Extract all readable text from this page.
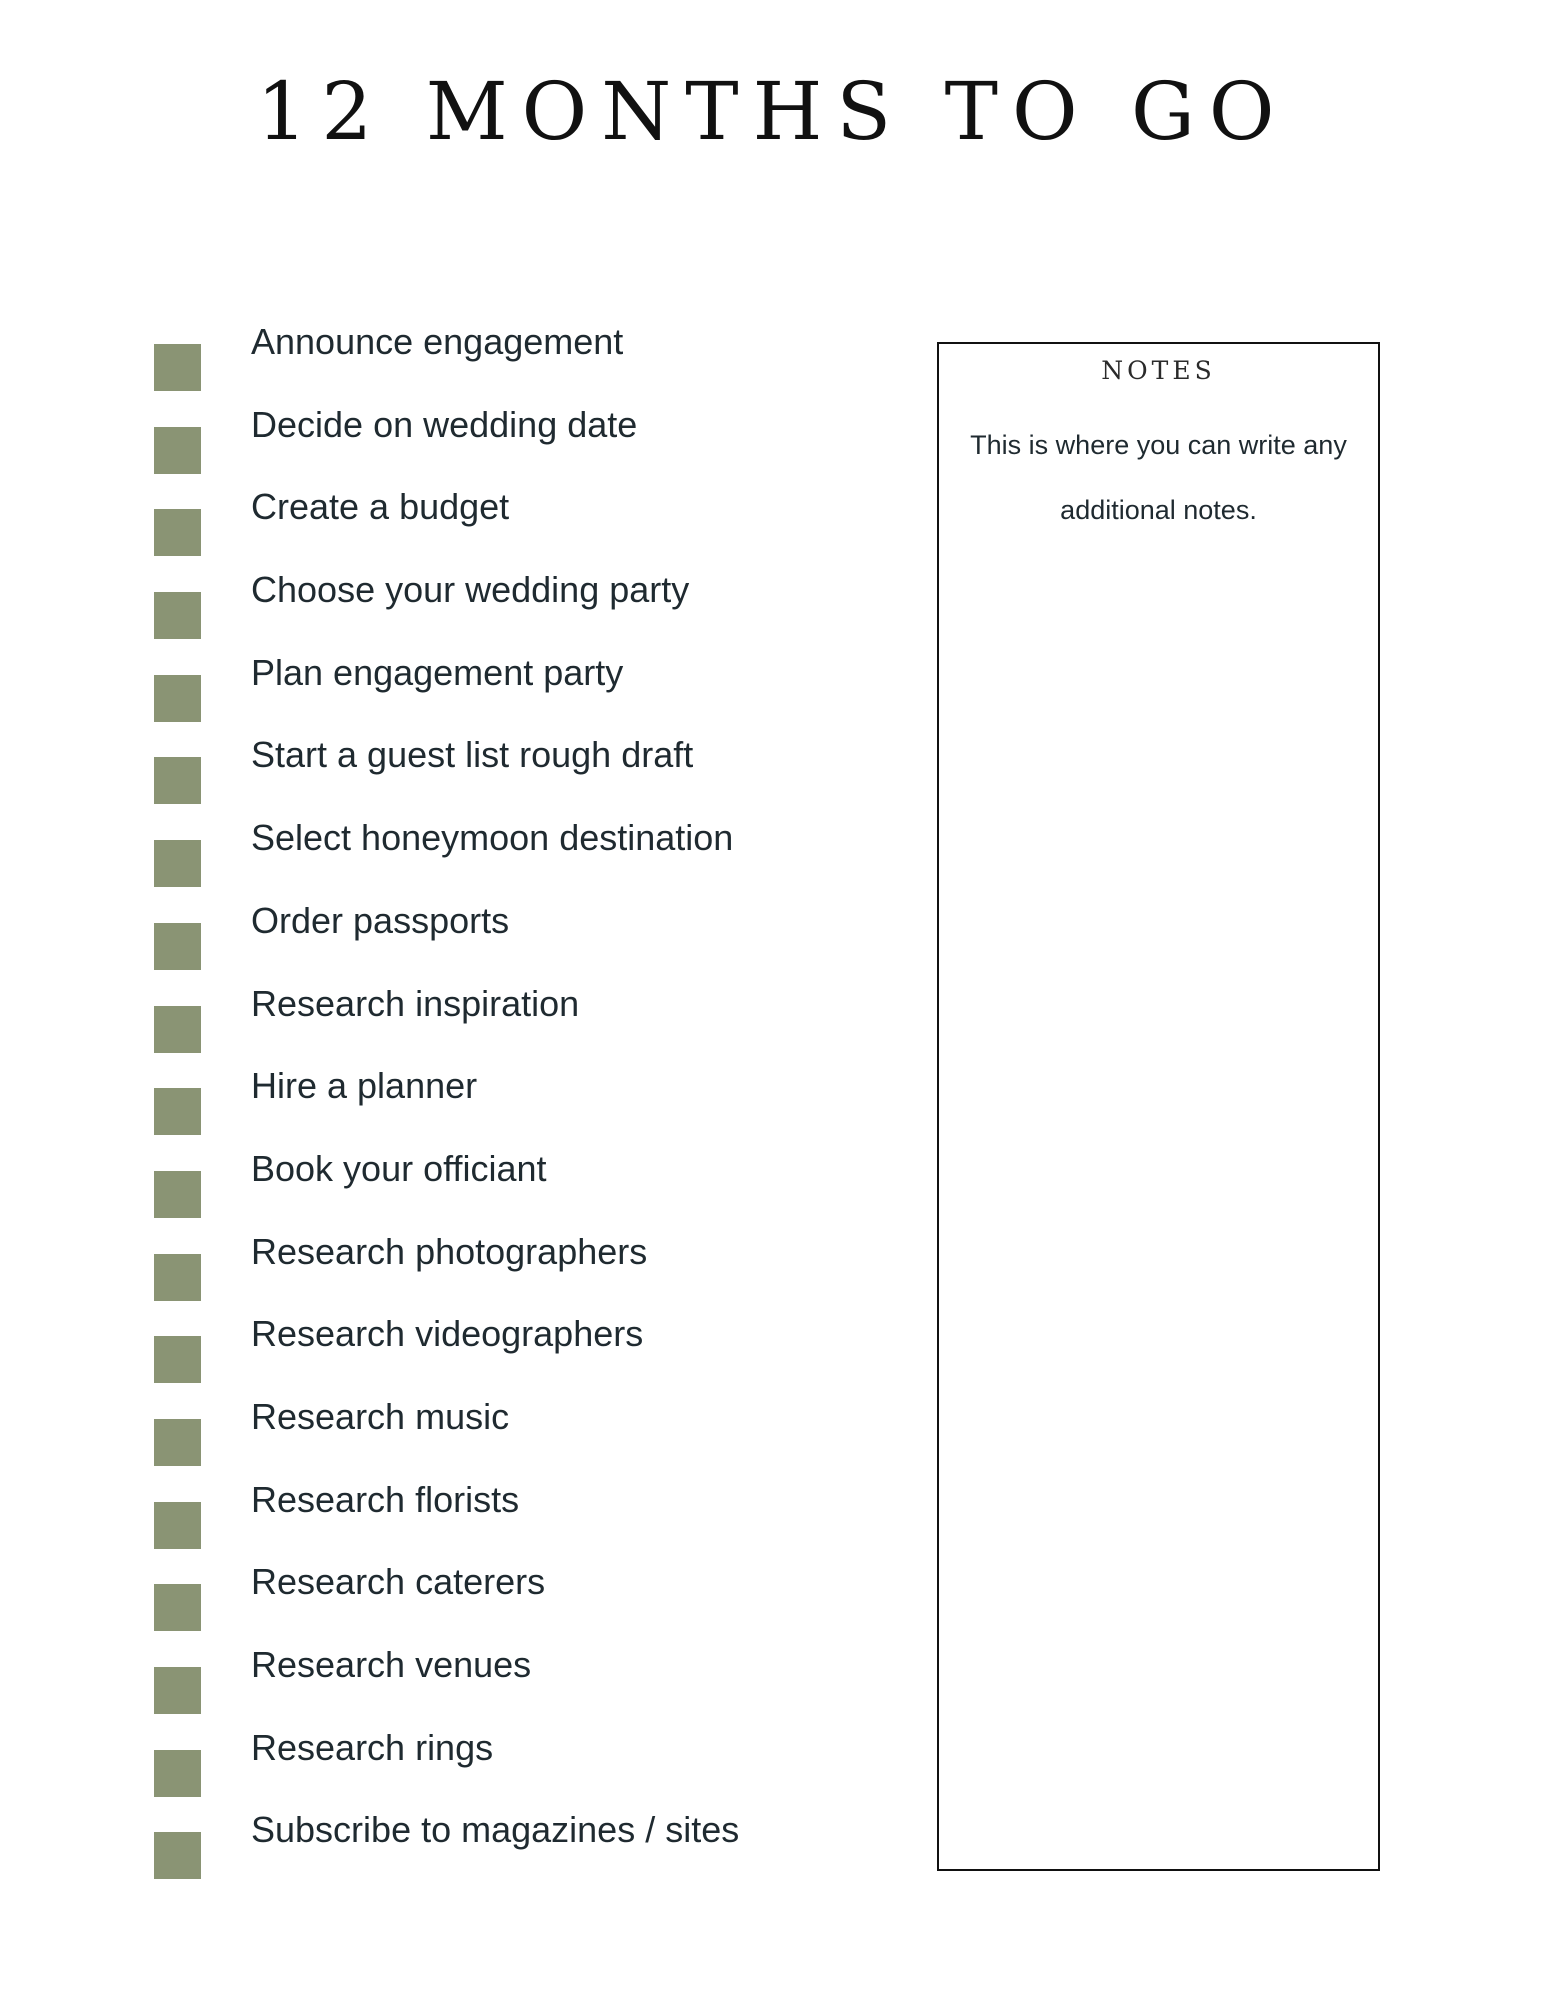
12 MONTHS TO GO
Announce engagement
Decide on wedding date
Create a budget
Choose your wedding party
Plan engagement party
Start a guest list rough draft
Select honeymoon destination
Order passports
Research inspiration
Hire a planner
Book your officiant
Research photographers
Research videographers
Research music
Research florists
Research caterers
Research venues
Research rings
Subscribe to magazines / sites
NOTES

This is where you can write any additional notes.
